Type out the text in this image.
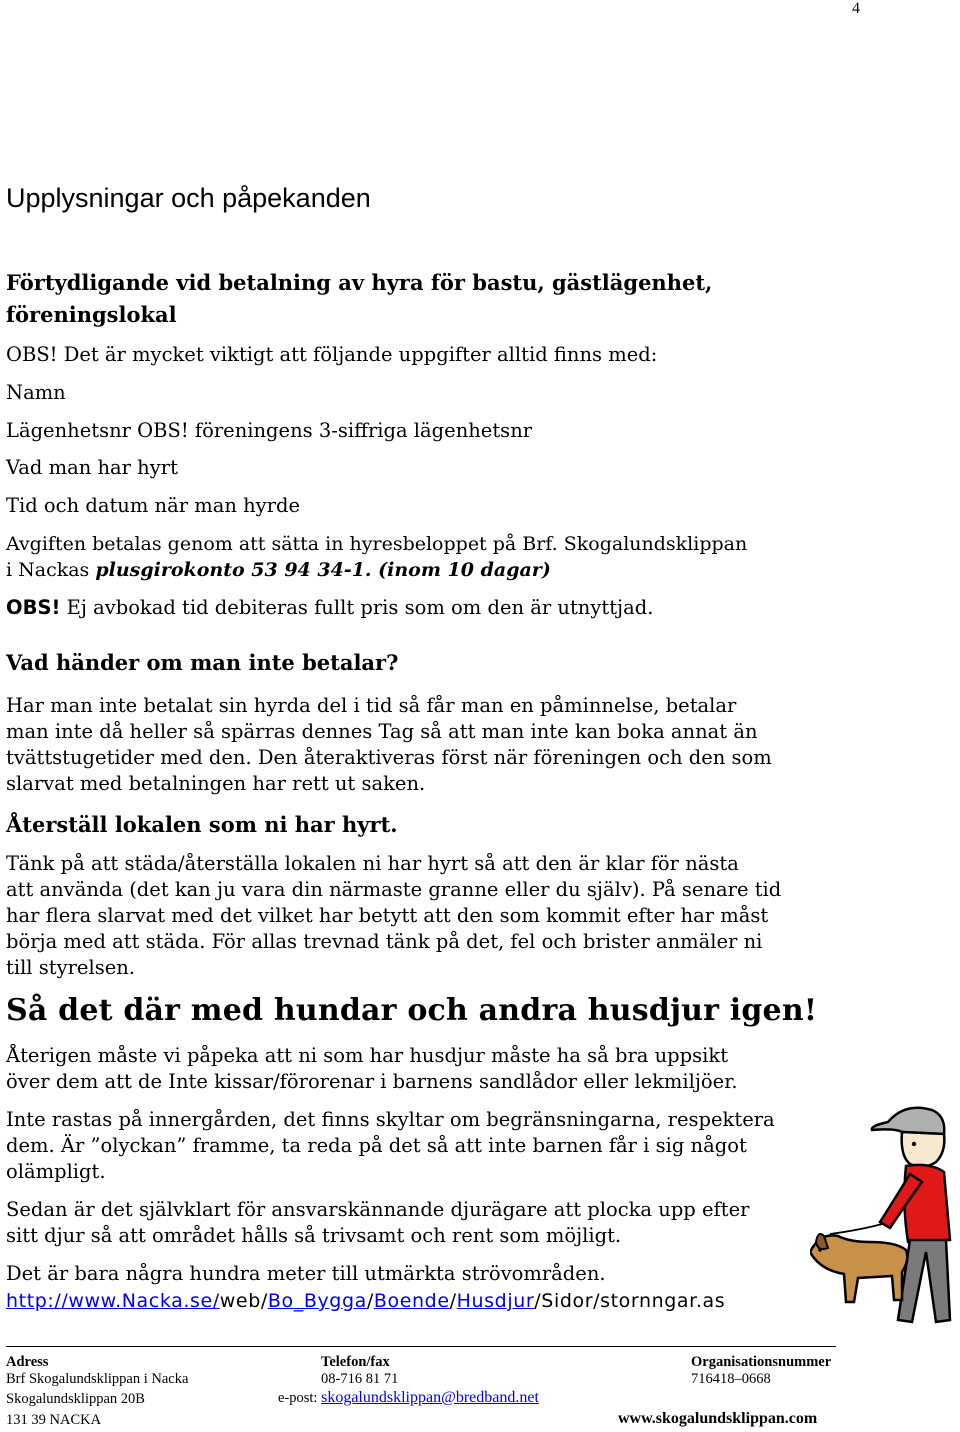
4
Upplysningar och påpekanden
Förtydligande vid betalning av hyra för bastu, gästlägenhet,
föreningslokal
OBS! Det är mycket viktigt att följande uppgifter alltid finns med:
Namn
Lägenhetsnr OBS! föreningens 3-siffriga lägenhetsnr
Vad man har hyrt
Tid och datum när man hyrde
Avgiften betalas genom att sätta in hyresbeloppet på Brf. Skogalundsklippan
i Nackas plusgirokonto 53 94 34-1. (inom 10 dagar)
OBS! Ej avbokad tid debiteras fullt pris som om den är utnyttjad.
Vad händer om man inte betalar?
Har man inte betalat sin hyrda del i tid så får man en påminnelse, betalar
man inte då heller så spärras dennes Tag så att man inte kan boka annat än
tvättstugetider med den. Den återaktiveras först när föreningen och den som
slarvat med betalningen har rett ut saken.
Återställ lokalen som ni har hyrt.
Tänk på att städa/återställa lokalen ni har hyrt så att den är klar för nästa
att använda (det kan ju vara din närmaste granne eller du själv). På senare tid
har flera slarvat med det vilket har betytt att den som kommit efter har måst
börja med att städa. För allas trevnad tänk på det, fel och brister anmäler ni
till styrelsen.
Så det där med hundar och andra husdjur igen!
Återigen måste vi påpeka att ni som har husdjur måste ha så bra uppsikt
över dem att de Inte kissar/förorenar i barnens sandlådor eller lekmiljöer.
Inte rastas på innergården, det finns skyltar om begränsningarna, respektera
dem. Är ”olyckan” framme, ta reda på det så att inte barnen får i sig något
olämpligt.
Sedan är det självklart för ansvarskännande djurägare att plocka upp efter
sitt djur så att området hålls så trivsamt och rent som möjligt.
Det är bara några hundra meter till utmärkta strövområden.
http://www.Nacka.se/web/Bo_Bygga/Boende/Husdjur/Sidor/stornngar.as
Adress
Brf Skogalundsklippan i Nacka
Skogalundsklippan 20B
131 39 NACKA
Telefon/fax
08-716 81 71
e-post: skogalundsklippan@bredband.net
Organisationsnummer
716418–0668
www.skogalundsklippan.com
